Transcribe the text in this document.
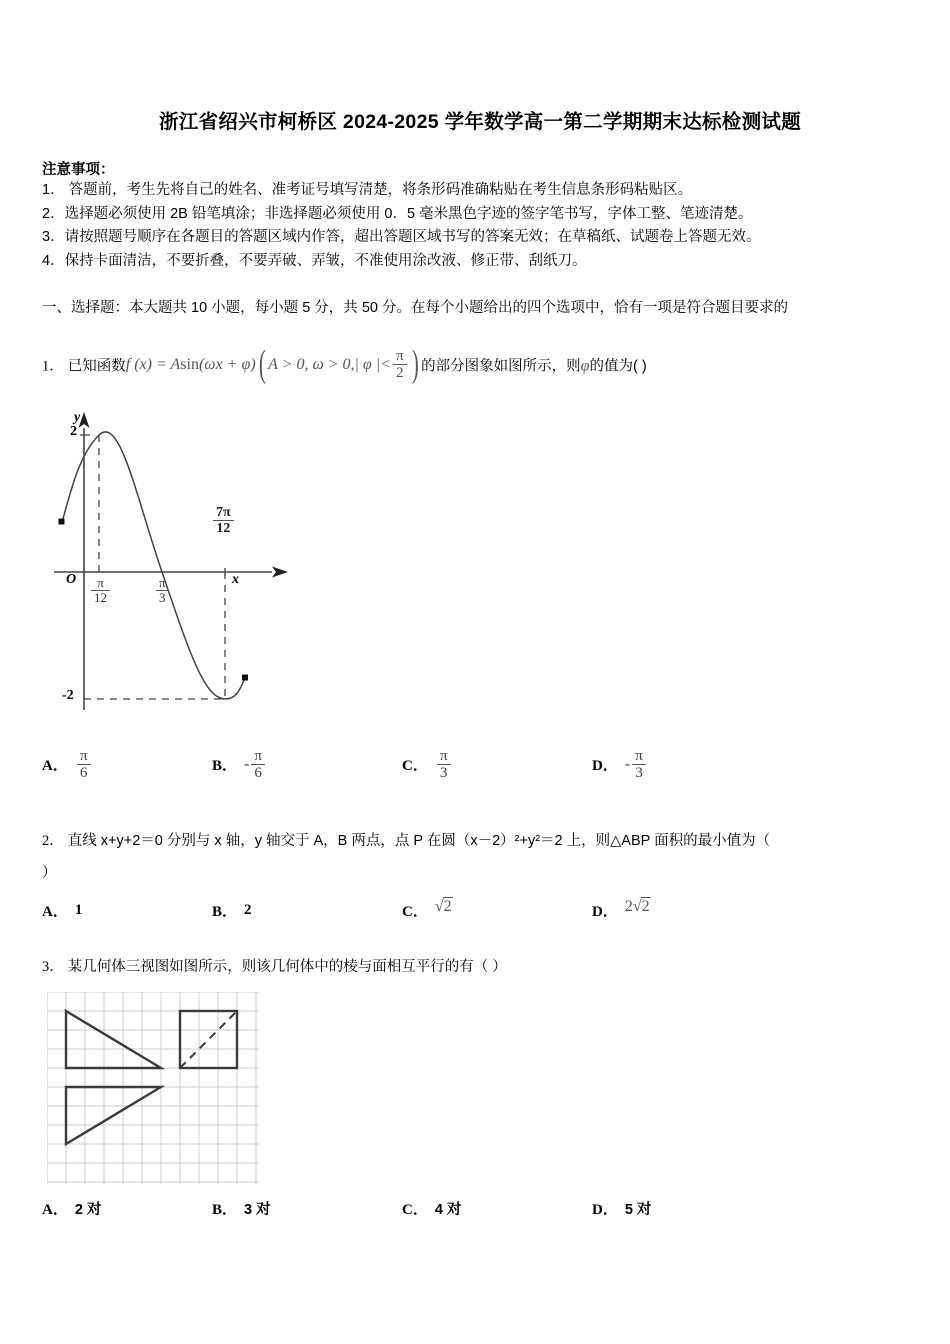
浙江省绍兴市柯桥区 2024-2025 学年数学高一第二学期期末达标检测试题
注意事项：
1． 答题前，考生先将自己的姓名、准考证号填写清楚，将条形码准确粘贴在考生信息条形码粘贴区。
2．选择题必须使用 2B 铅笔填涂；非选择题必须使用 0．5 毫米黑色字迹的签字笔书写，字体工整、笔迹清楚。
3．请按照题号顺序在各题目的答题区域内作答，超出答题区域书写的答案无效；在草稿纸、试题卷上答题无效。
4．保持卡面清洁，不要折叠，不要弄破、弄皱，不准使用涂改液、修正带、刮纸刀。
一、选择题：本大题共 10 小题，每小题 5 分，共 50 分。在每个小题给出的四个选项中，恰有一项是符合题目要求的
1． 已知函数f (x) = Asin(ωx + φ)( A > 0, ω > 0,| φ |< $\frac{\pi}{2}$ ) 的部分图象如图所示，则φ的值为( )
y
x
O
2
-2
$\frac{\pi}{12}$	$\frac{\pi}{3}$
$\frac{7\pi}{12}$
A． $\frac{\pi}{6}$	B． - $\frac{\pi}{6}$	C． $\frac{\pi}{3}$	D． - $\frac{\pi}{3}$
2． 直线 x+y+2＝0 分别与 x 轴，y 轴交于 A，B 两点，点 P 在圆（x－2）²+y²＝2 上，则△ABP 面积的最小值为（
）
A． 1	B． 2	C． √2	D． 2√2
3． 某几何体三视图如图所示，则该几何体中的棱与面相互平行的有（ ）
A． 2 对	B． 3 对	C． 4 对	D． 5 对
